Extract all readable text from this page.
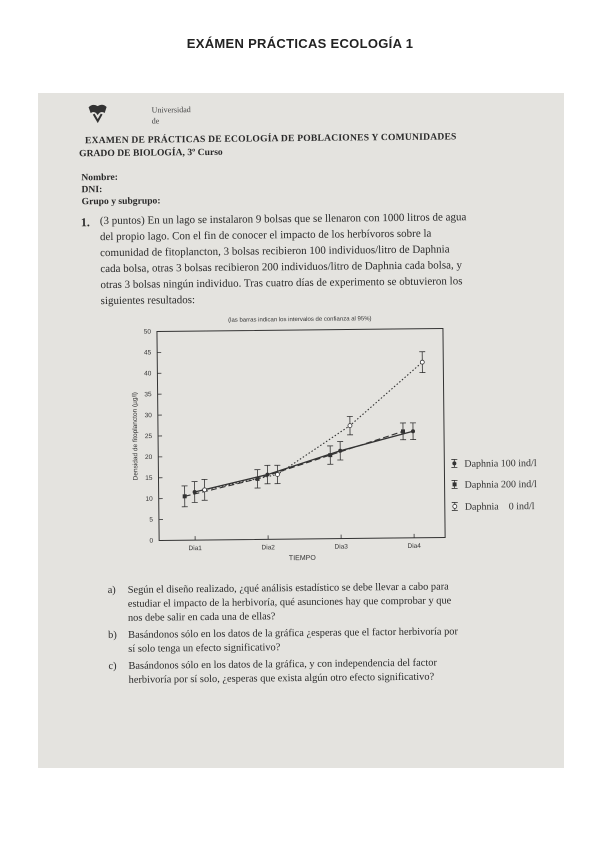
EXÁMEN PRÁCTICAS ECOLOGÍA 1
Universidad
de
EXAMEN DE PRÁCTICAS DE ECOLOGÍA DE POBLACIONES Y COMUNIDADES
GRADO DE BIOLOGÍA, 3º Curso
Nombre:
DNI:
Grupo y subgrupo:
1. (3 puntos) En un lago se instalaron 9 bolsas que se llenaron con 1000 litros de agua
del propio lago. Con el fin de conocer el impacto de los herbívoros sobre la
comunidad de fitoplancton, 3 bolsas recibieron 100 individuos/litro de Daphnia
cada bolsa, otras 3 bolsas recibieron 200 individuos/litro de Daphnia cada bolsa, y
otras 3 bolsas ningún individuo. Tras cuatro días de experimento se obtuvieron los
siguientes resultados:
(las barras indican los intervalos de confianza al 95%)
0
5
10
15
20
25
30
35
40
45
50
Dia1	Dia2	Dia3	Dia4
TIEMPO
Densidad de fitoplancton (µg/l)	Daphnia 100 ind/l
Daphnia 200 ind/l
Daphnia    0 ind/l
a) Según el diseño realizado, ¿qué análisis estadístico se debe llevar a cabo para
estudiar el impacto de la herbivoría, qué asunciones hay que comprobar y que
nos debe salir en cada una de ellas?
b) Basándonos sólo en los datos de la gráfica ¿esperas que el factor herbivoría por
sí solo tenga un efecto significativo?
c) Basándonos sólo en los datos de la gráfica, y con independencia del factor
herbivoría por sí solo, ¿esperas que exista algún otro efecto significativo?
